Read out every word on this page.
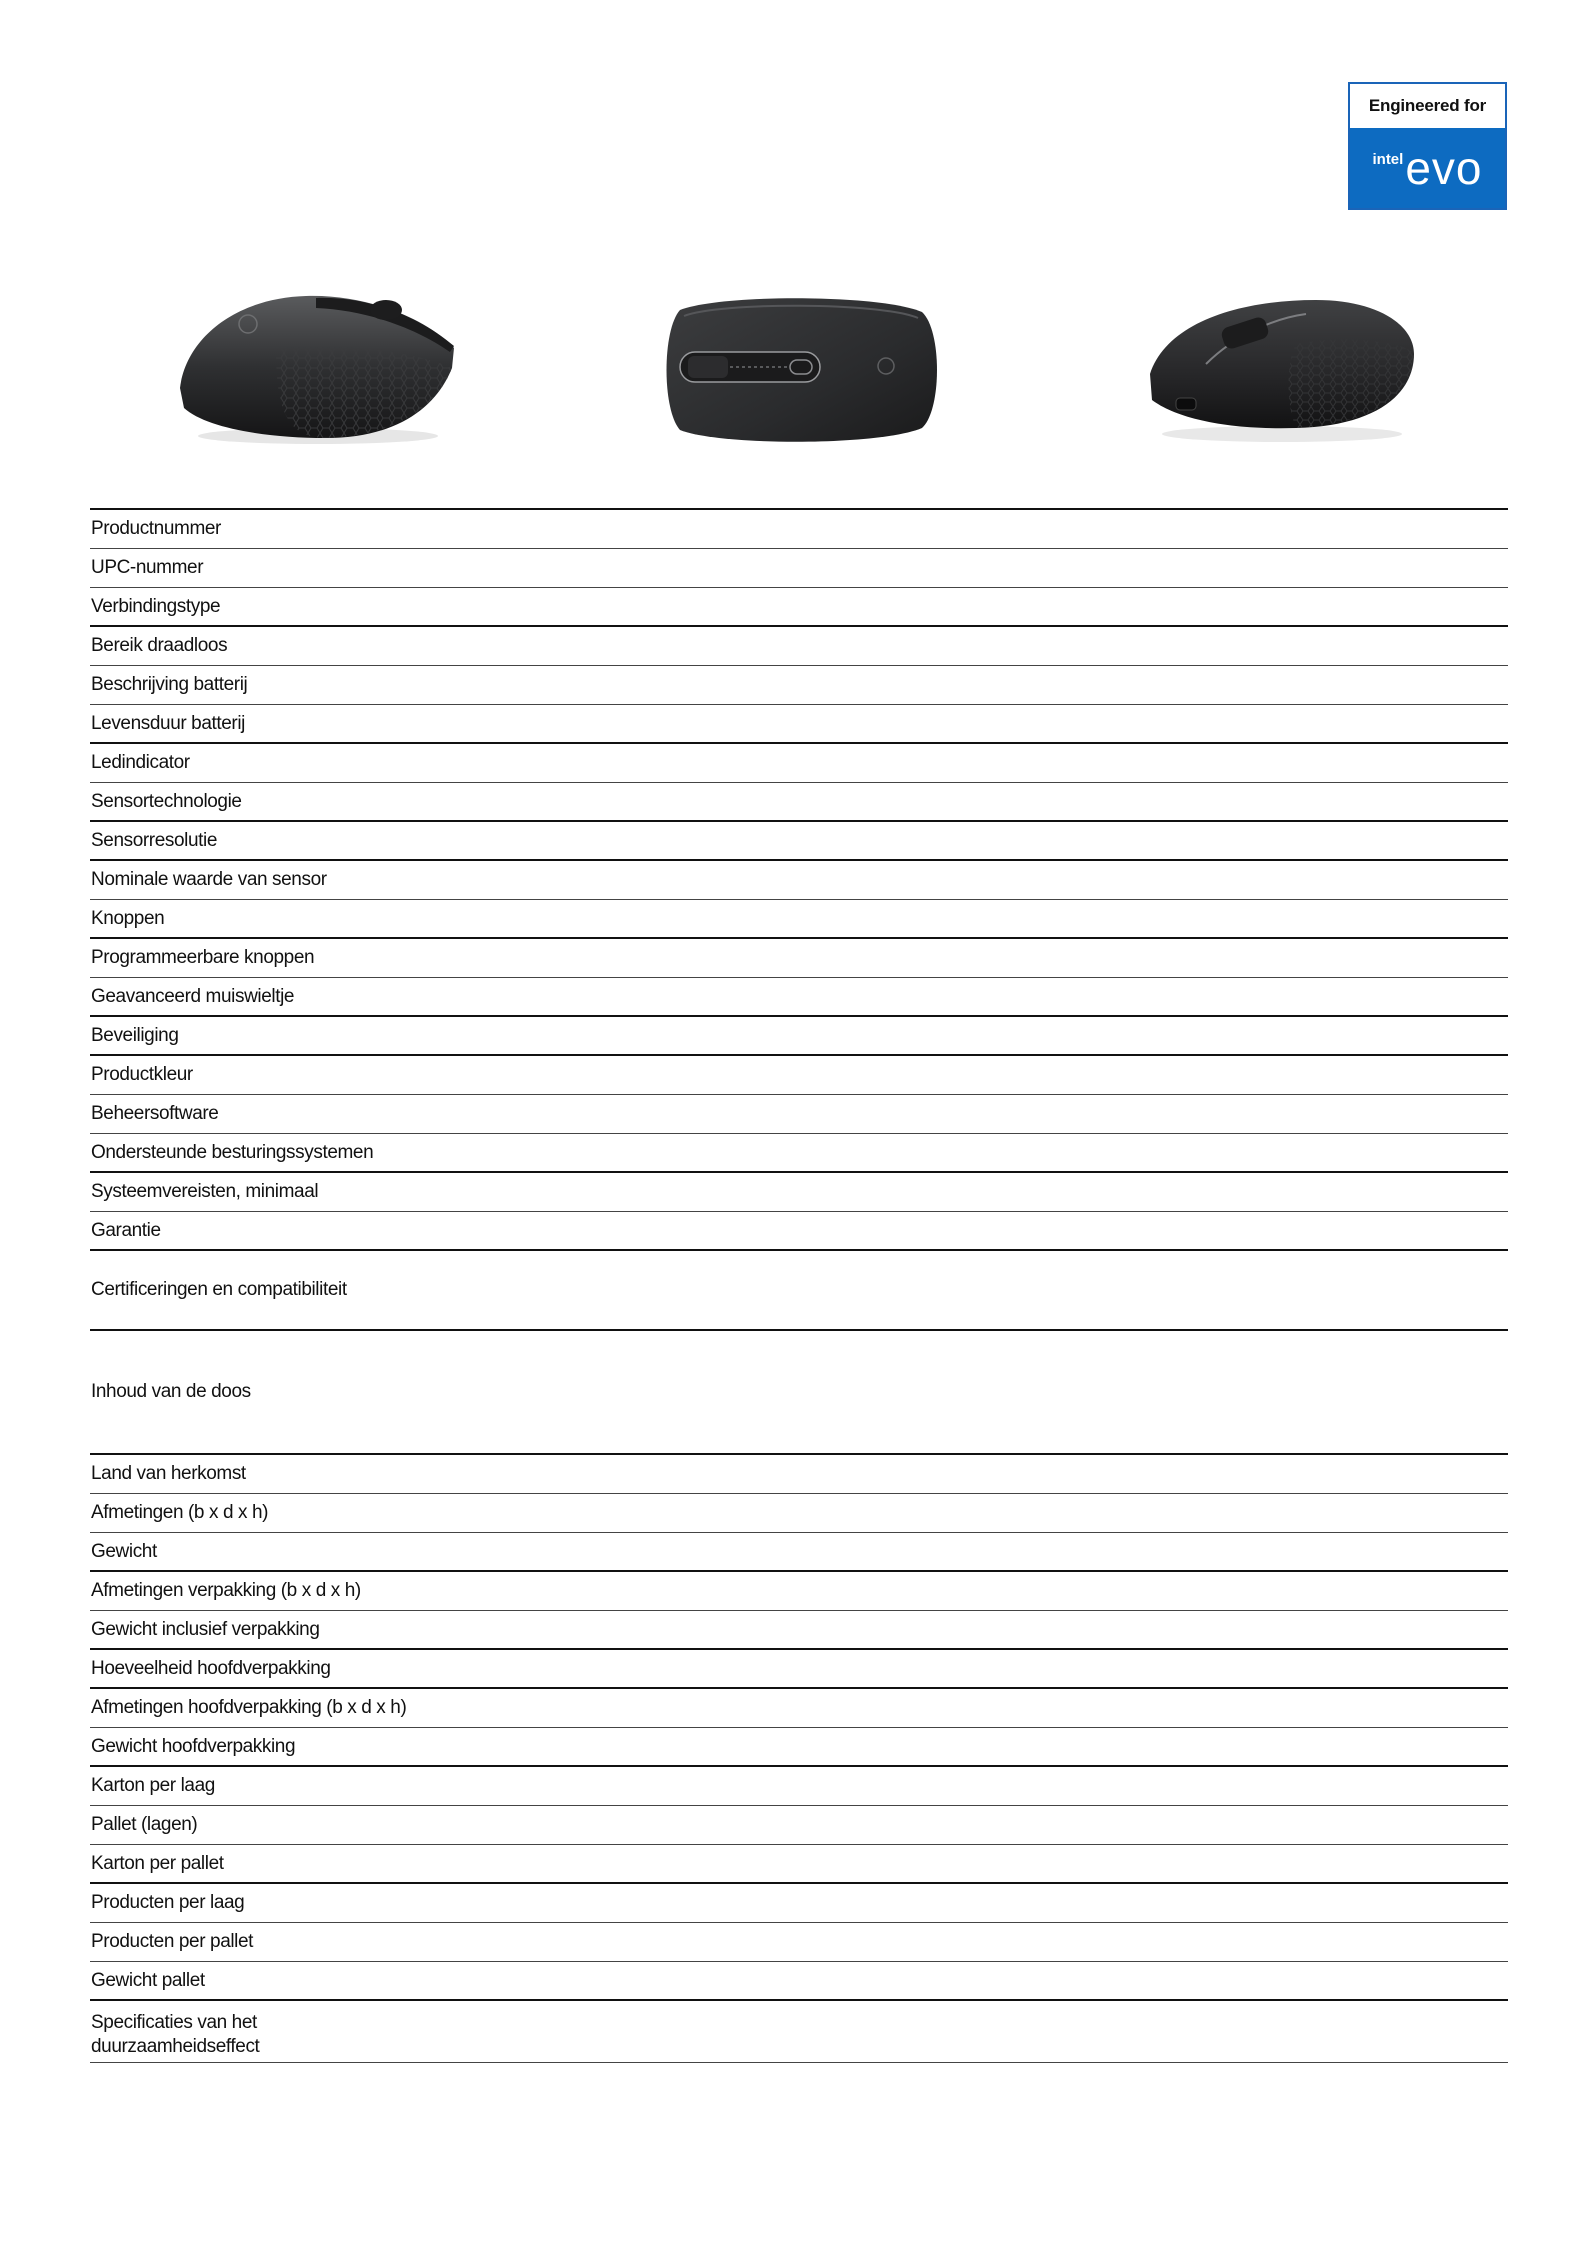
Engineered for
intel evo
Productnummer
UPC-nummer
Verbindingstype
Bereik draadloos
Beschrijving batterij
Levensduur batterij
Ledindicator
Sensortechnologie
Sensorresolutie
Nominale waarde van sensor
Knoppen
Programmeerbare knoppen
Geavanceerd muiswieltje
Beveiliging
Productkleur
Beheersoftware
Ondersteunde besturingssystemen
Systeemvereisten, minimaal
Garantie
Certificeringen en compatibiliteit
Inhoud van de doos
Land van herkomst
Afmetingen (b x d x h)
Gewicht
Afmetingen verpakking (b x d x h)
Gewicht inclusief verpakking
Hoeveelheid hoofdverpakking
Afmetingen hoofdverpakking (b x d x h)
Gewicht hoofdverpakking
Karton per laag
Pallet (lagen)
Karton per pallet
Producten per laag
Producten per pallet
Gewicht pallet
Specificaties van het duurzaamheidseffect
